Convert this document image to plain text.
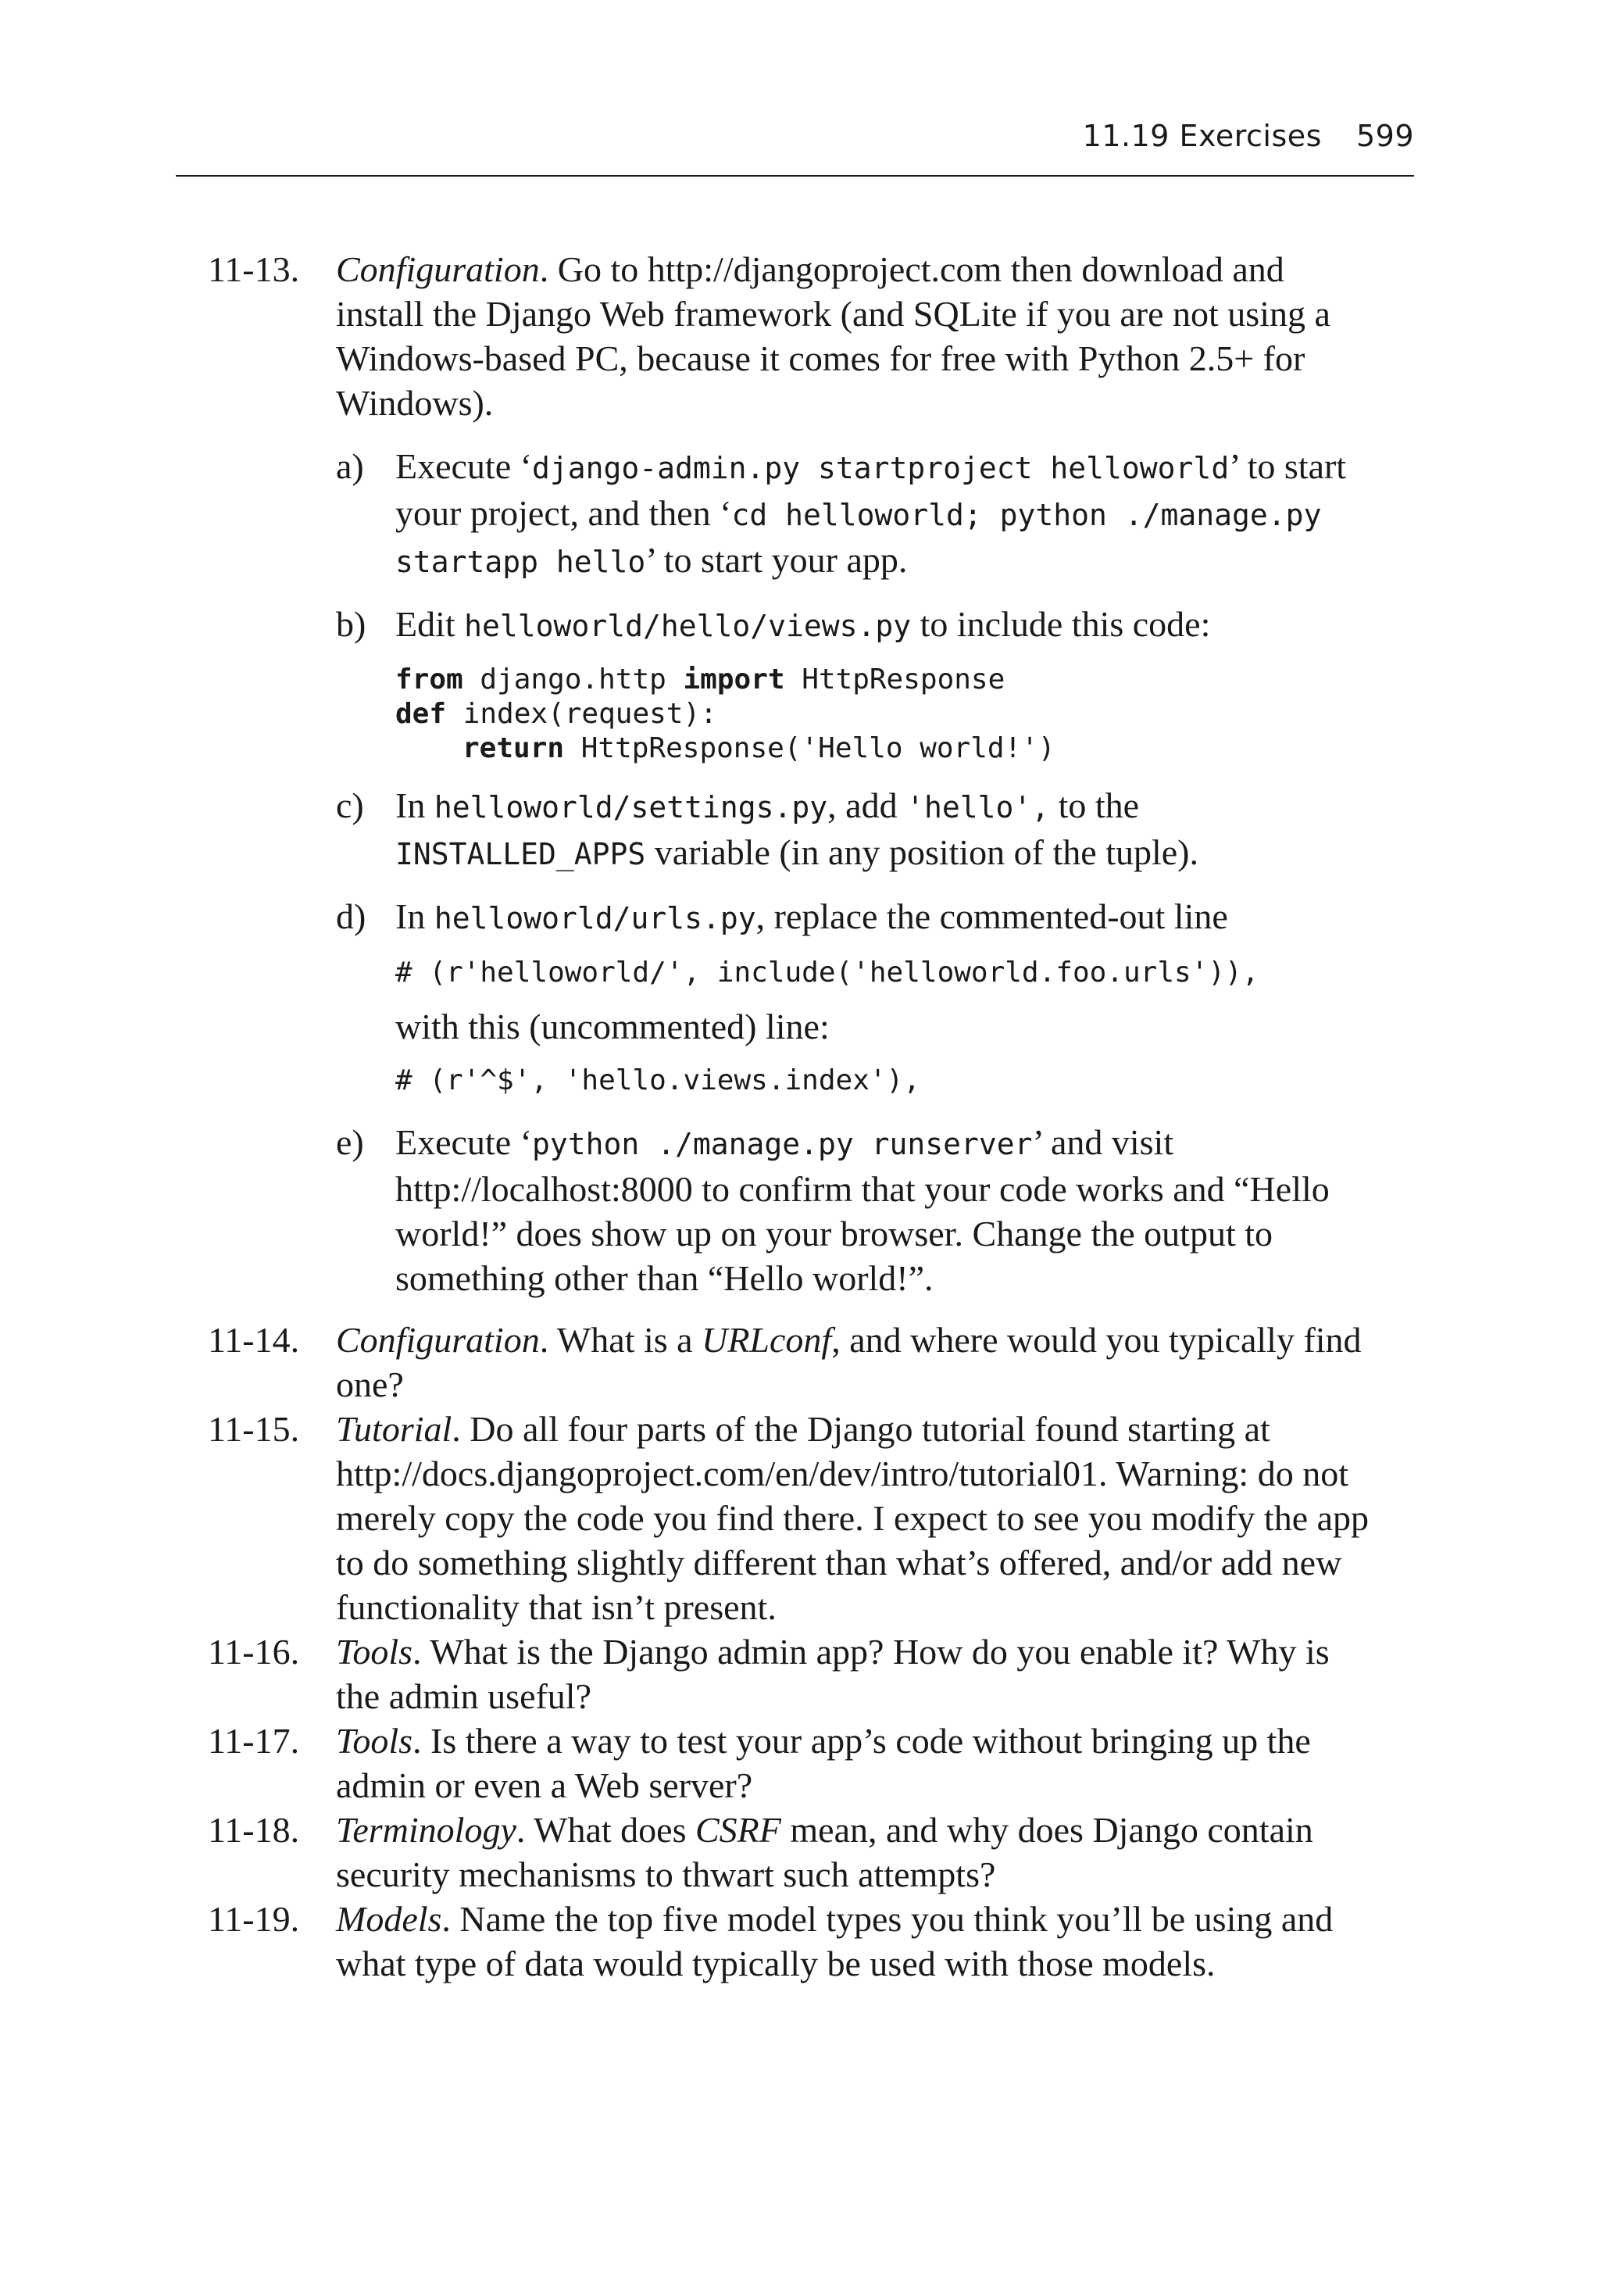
11.19 Exercises 599
11-13. Configuration. Go to http://djangoproject.com then download and install the Django Web framework (and SQLite if you are not using a Windows-based PC, because it comes for free with Python 2.5+ for Windows).
a) Execute ‘django-admin.py startproject helloworld’ to start your project, and then ‘cd helloworld; python ./manage.py startapp hello’ to start your app.
b) Edit helloworld/hello/views.py to include this code:
from django.http import HttpResponse
def index(request):
return HttpResponse('Hello world!')
c) In helloworld/settings.py, add 'hello', to the INSTALLED_APPS variable (in any position of the tuple).
d) In helloworld/urls.py, replace the commented-out line
# (r'helloworld/', include('helloworld.foo.urls')),
with this (uncommented) line:
# (r'^$', 'hello.views.index'),
e) Execute ‘python ./manage.py runserver’ and visit http://localhost:8000 to confirm that your code works and “Hello world!” does show up on your browser. Change the output to something other than “Hello world!”.
11-14. Configuration. What is a URLconf, and where would you typically find one?
11-15. Tutorial. Do all four parts of the Django tutorial found starting at http://docs.djangoproject.com/en/dev/intro/tutorial01. Warning: do not merely copy the code you find there. I expect to see you modify the app to do something slightly different than what’s offered, and/or add new functionality that isn’t present.
11-16. Tools. What is the Django admin app? How do you enable it? Why is the admin useful?
11-17. Tools. Is there a way to test your app’s code without bringing up the admin or even a Web server?
11-18. Terminology. What does CSRF mean, and why does Django contain security mechanisms to thwart such attempts?
11-19. Models. Name the top five model types you think you’ll be using and what type of data would typically be used with those models.
